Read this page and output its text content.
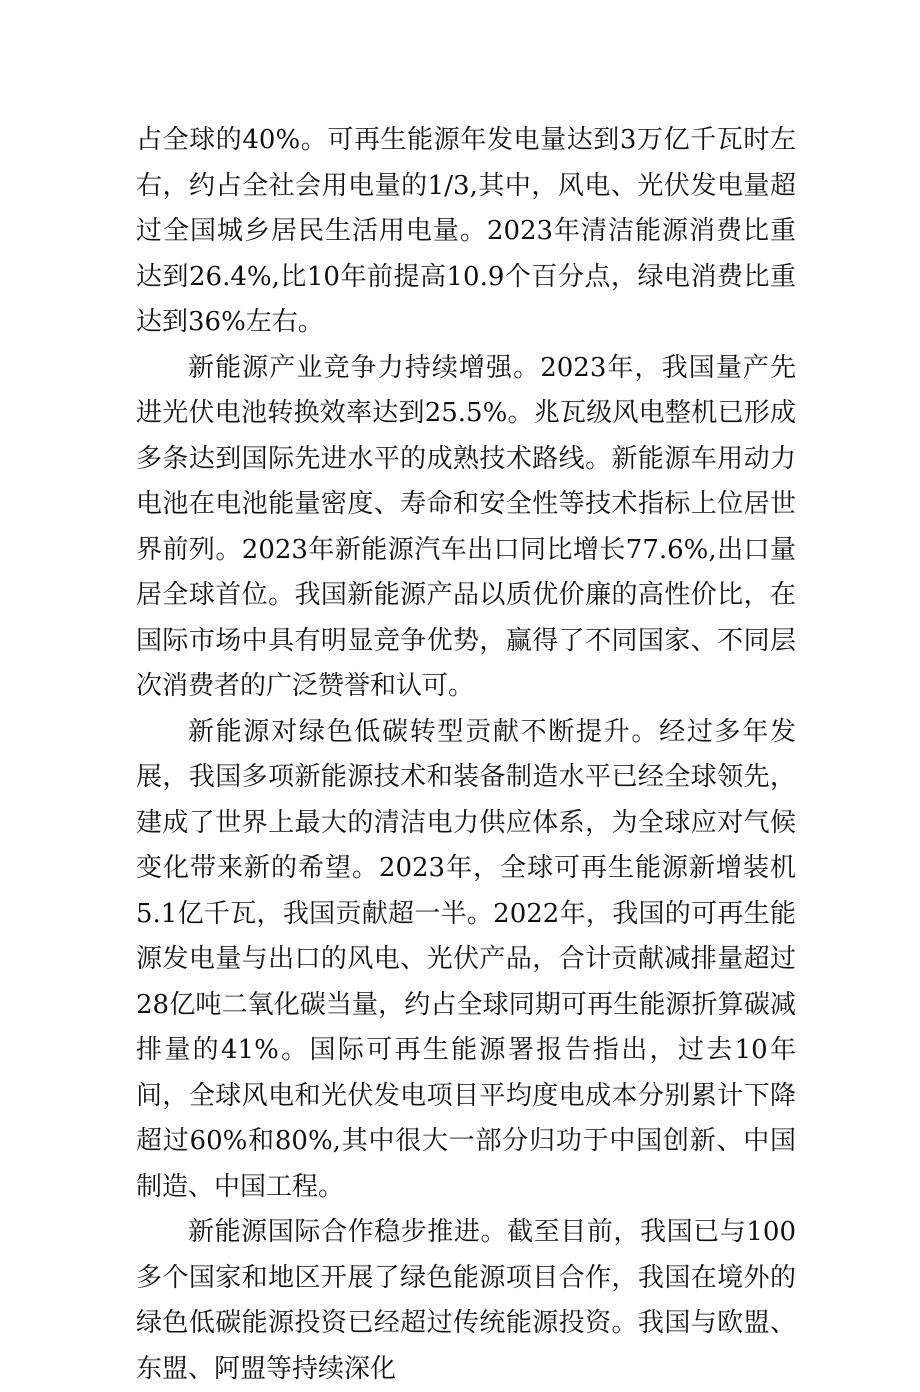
占全球的40%。可再生能源年发电量达到3万亿千瓦时左右，约占全社会用电量的1/3,其中，风电、光伏发电量超过全国城乡居民生活用电量。2023年清洁能源消费比重达到26.4%,比10年前提高10.9个百分点，绿电消费比重达到36%左右。

新能源产业竞争力持续增强。2023年，我国量产先进光伏电池转换效率达到25.5%。兆瓦级风电整机已形成多条达到国际先进水平的成熟技术路线。新能源车用动力电池在电池能量密度、寿命和安全性等技术指标上位居世界前列。2023年新能源汽车出口同比增长77.6%,出口量居全球首位。我国新能源产品以质优价廉的高性价比，在国际市场中具有明显竞争优势，赢得了不同国家、不同层次消费者的广泛赞誉和认可。

新能源对绿色低碳转型贡献不断提升。经过多年发展，我国多项新能源技术和装备制造水平已经全球领先，建成了世界上最大的清洁电力供应体系，为全球应对气候变化带来新的希望。2023年，全球可再生能源新增装机5.1亿千瓦，我国贡献超一半。2022年，我国的可再生能源发电量与出口的风电、光伏产品，合计贡献减排量超过28亿吨二氧化碳当量，约占全球同期可再生能源折算碳减排量的41%。国际可再生能源署报告指出，过去10年间，全球风电和光伏发电项目平均度电成本分别累计下降超过60%和80%,其中很大一部分归功于中国创新、中国制造、中国工程。

新能源国际合作稳步推进。截至目前，我国已与100多个国家和地区开展了绿色能源项目合作，我国在境外的绿色低碳能源投资已经超过传统能源投资。我国与欧盟、东盟、阿盟等持续深化
